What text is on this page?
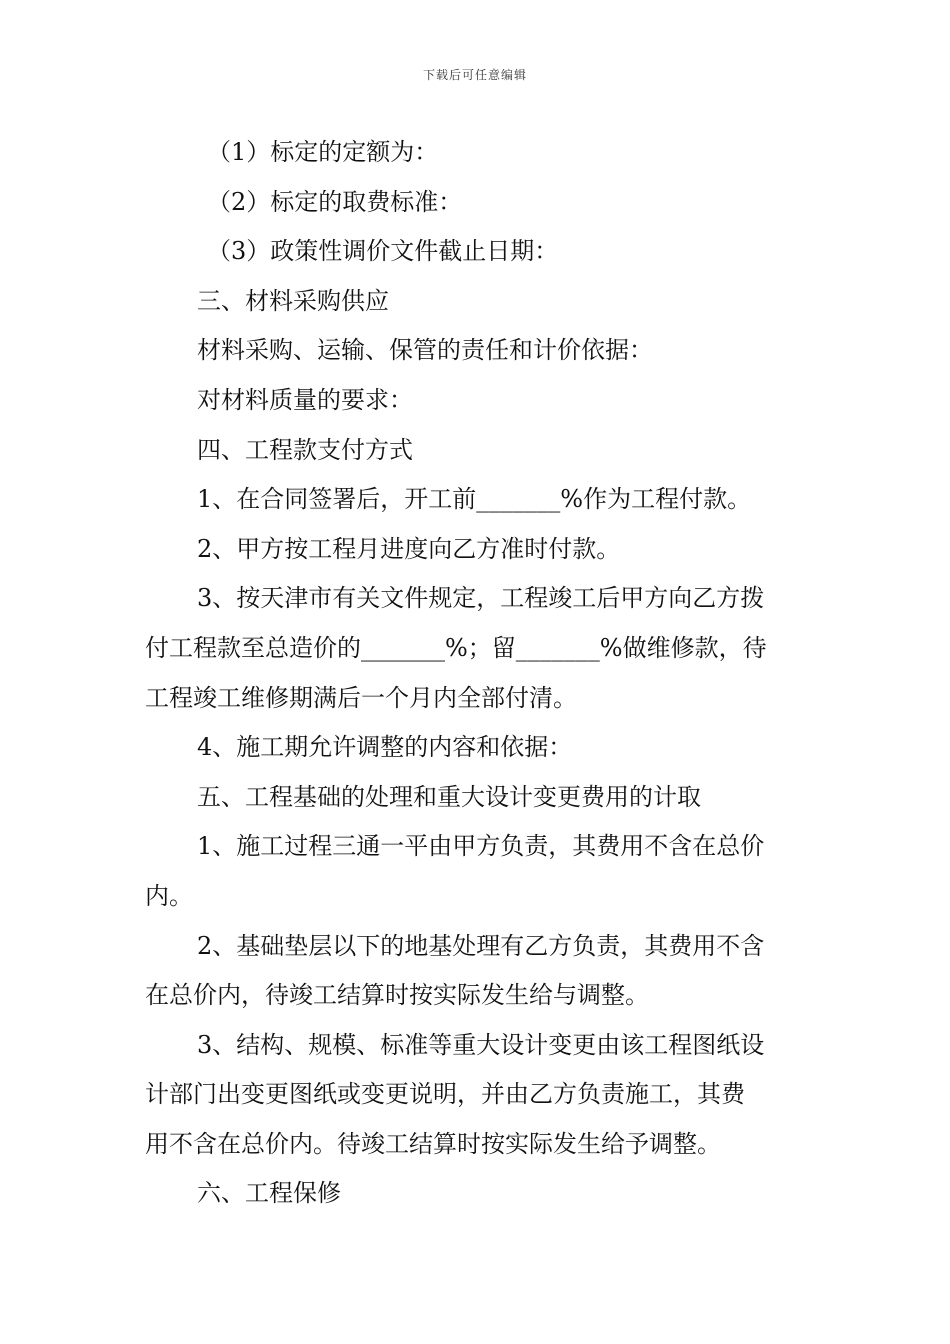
下载后可任意编辑
（1）标定的定额为：
（2）标定的取费标准：
（3）政策性调价文件截止日期：
三、材料采购供应
材料采购、运输、保管的责任和计价依据：
对材料质量的要求：
四、工程款支付方式
1、在合同签署后，开工前_______%作为工程付款。
2、甲方按工程月进度向乙方准时付款。
3、按天津市有关文件规定，工程竣工后甲方向乙方拨
付工程款至总造价的_______%；留_______%做维修款，待
工程竣工维修期满后一个月内全部付清。
4、施工期允许调整的内容和依据：
五、工程基础的处理和重大设计变更费用的计取
1、施工过程三通一平由甲方负责，其费用不含在总价
内。
2、基础垫层以下的地基处理有乙方负责，其费用不含
在总价内，待竣工结算时按实际发生给与调整。
3、结构、规模、标准等重大设计变更由该工程图纸设
计部门出变更图纸或变更说明，并由乙方负责施工，其费
用不含在总价内。待竣工结算时按实际发生给予调整。
六、工程保修
